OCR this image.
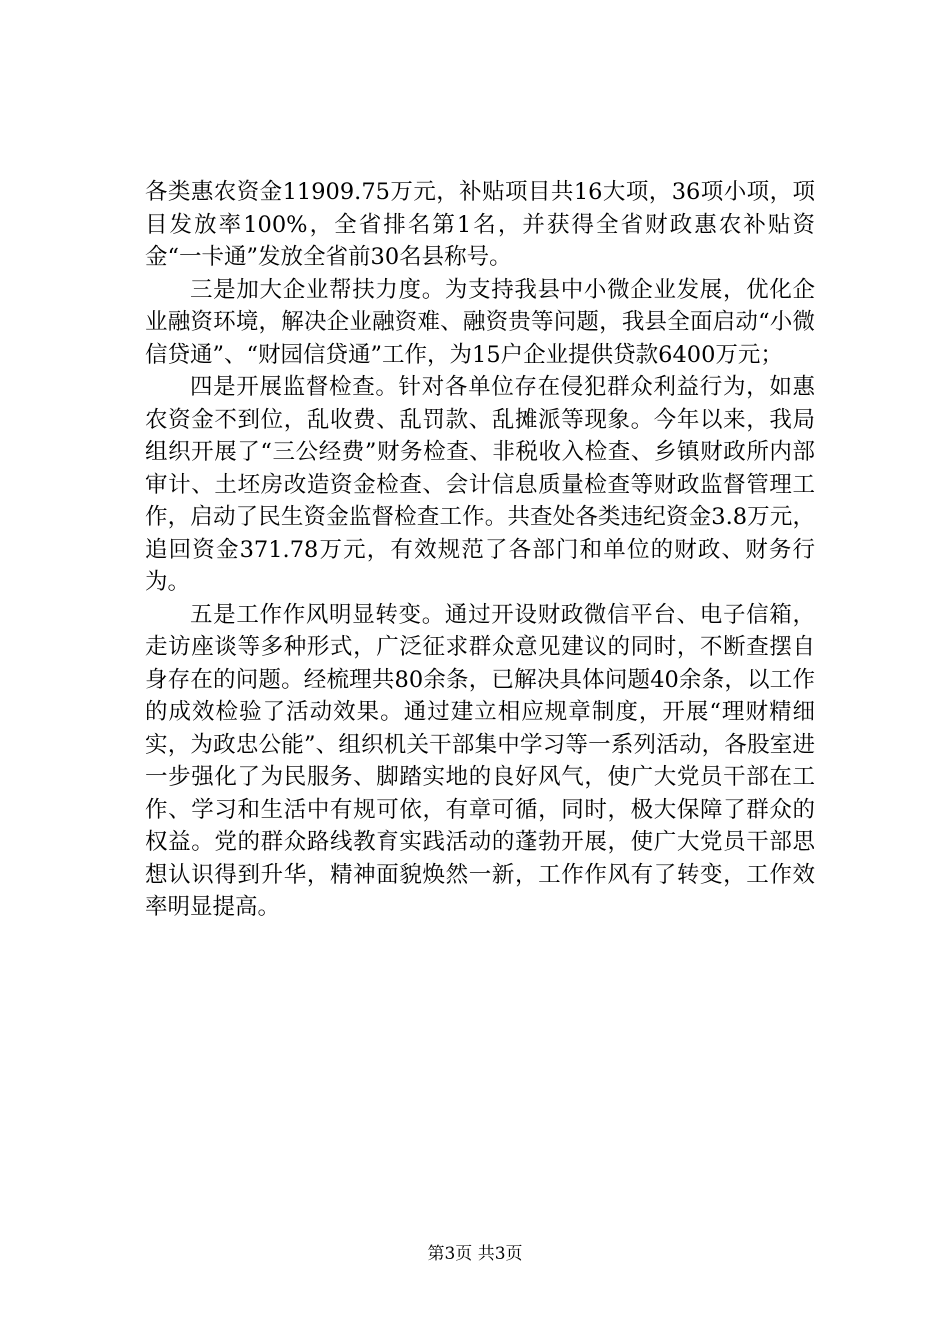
各类惠农资金11909.75万元，补贴项目共16大项，36项小项，项目发放率100%，全省排名第1名，并获得全省财政惠农补贴资金“一卡通”发放全省前30名县称号。

三是加大企业帮扶力度。为支持我县中小微企业发展，优化企业融资环境，解决企业融资难、融资贵等问题，我县全面启动“小微信贷通”、“财园信贷通”工作，为15户企业提供贷款6400万元；

四是开展监督检查。针对各单位存在侵犯群众利益行为，如惠农资金不到位，乱收费、乱罚款、乱摊派等现象。今年以来，我局组织开展了“三公经费”财务检查、非税收入检查、乡镇财政所内部审计、土坯房改造资金检查、会计信息质量检查等财政监督管理工作，启动了民生资金监督检查工作。共查处各类违纪资金3.8万元，追回资金371.78万元，有效规范了各部门和单位的财政、财务行为。

五是工作作风明显转变。通过开设财政微信平台、电子信箱，走访座谈等多种形式，广泛征求群众意见建议的同时，不断查摆自身存在的问题。经梳理共80余条，已解决具体问题40余条，以工作的成效检验了活动效果。通过建立相应规章制度，开展“理财精细实，为政忠公能”、组织机关干部集中学习等一系列活动，各股室进一步强化了为民服务、脚踏实地的良好风气，使广大党员干部在工作、学习和生活中有规可依，有章可循，同时，极大保障了群众的权益。党的群众路线教育实践活动的蓬勃开展，使广大党员干部思想认识得到升华，精神面貌焕然一新，工作作风有了转变，工作效率明显提高。

第3页 共3页
